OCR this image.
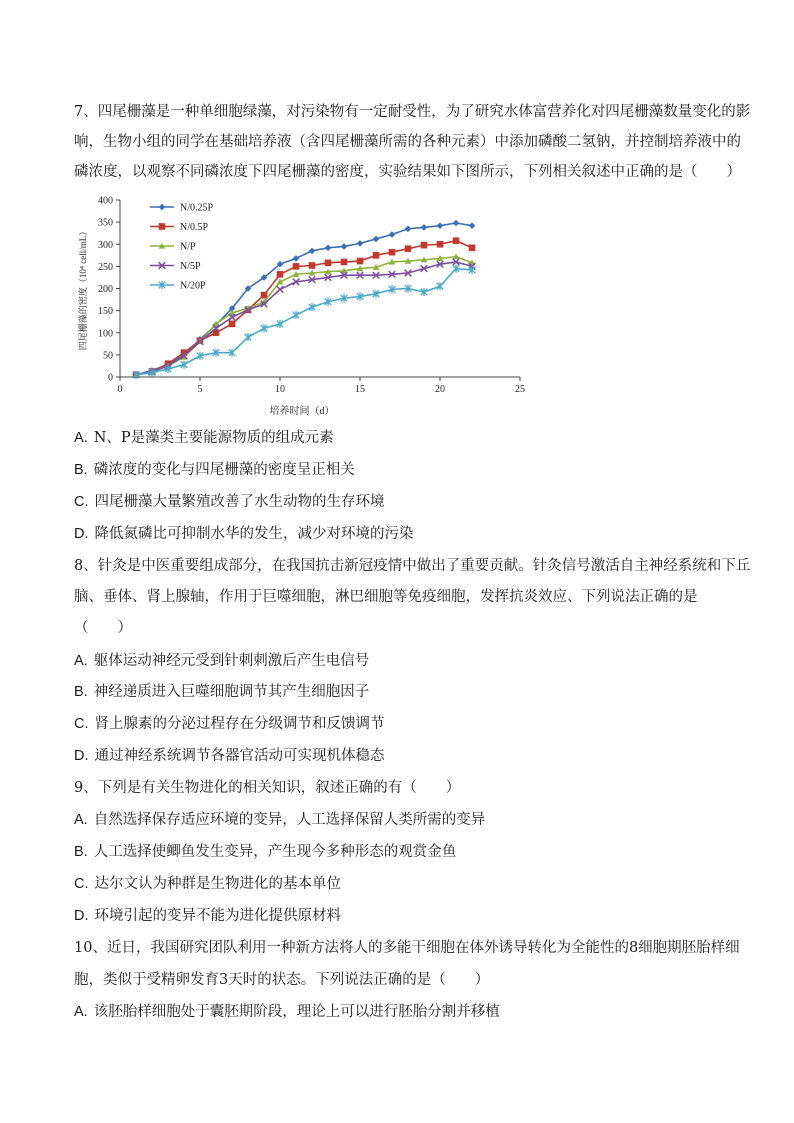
7、四尾栅藻是一种单细胞绿藻，对污染物有一定耐受性，为了研究水体富营养化对四尾栅藻数量变化的影
响，生物小组的同学在基础培养液（含四尾栅藻所需的各种元素）中添加磷酸二氢钠，并控制培养液中的
磷浓度，以观察不同磷浓度下四尾栅藻的密度，实验结果如下图所示，下列相关叙述中正确的是（　　）
0
50
100
150
200
250
300
350
400
0	5	10	15	20	25
培养时间（d）
四尾栅藻的密度（10⁴ cell/mL）
N/0.25P
N/0.5P
N/P
N/5P
N/20P
A. N、P是藻类主要能源物质的组成元素
B. 磷浓度的变化与四尾栅藻的密度呈正相关
C. 四尾栅藻大量繁殖改善了水生动物的生存环境
D. 降低氮磷比可抑制水华的发生，减少对环境的污染
8、针灸是中医重要组成部分，在我国抗击新冠疫情中做出了重要贡献。针灸信号激活自主神经系统和下丘
脑、垂体、肾上腺轴，作用于巨噬细胞，淋巴细胞等免疫细胞，发挥抗炎效应、下列说法正确的是
（　　）
A. 躯体运动神经元受到针刺刺激后产生电信号
B. 神经递质进入巨噬细胞调节其产生细胞因子
C. 肾上腺素的分泌过程存在分级调节和反馈调节
D. 通过神经系统调节各器官活动可实现机体稳态
9、下列是有关生物进化的相关知识，叙述正确的有（　　）
A. 自然选择保存适应环境的变异，人工选择保留人类所需的变异
B. 人工选择使鲫鱼发生变异，产生现今多种形态的观赏金鱼
C. 达尔文认为种群是生物进化的基本单位
D. 环境引起的变异不能为进化提供原材料
10、近日，我国研究团队利用一种新方法将人的多能干细胞在体外诱导转化为全能性的8细胞期胚胎样细
胞，类似于受精卵发育3天时的状态。下列说法正确的是（　　）
A. 该胚胎样细胞处于囊胚期阶段，理论上可以进行胚胎分割并移植
